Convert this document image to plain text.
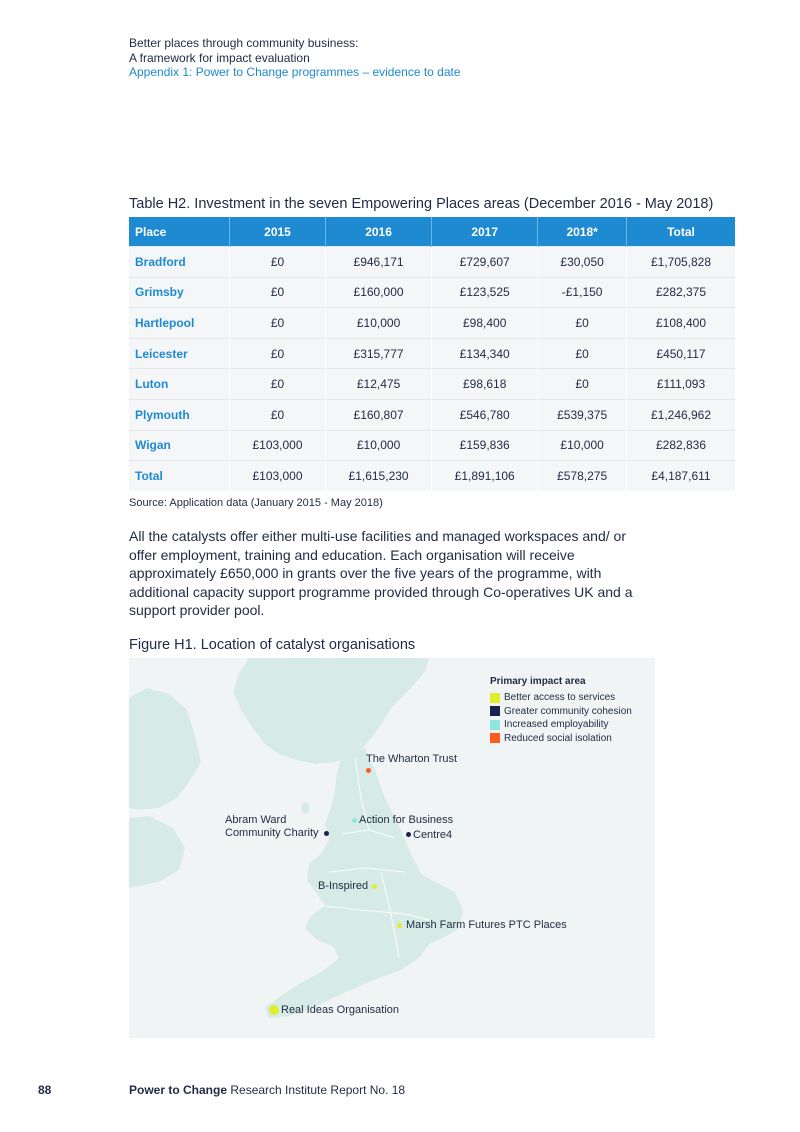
Better places through community business:
A framework for impact evaluation
Appendix 1: Power to Change programmes – evidence to date
Table H2. Investment in the seven Empowering Places areas (December 2016 - May 2018)
Place	2015	2016	2017	2018*	Total
Bradford	£0	£946,171	£729,607	£30,050	£1,705,828
Grimsby	£0	£160,000	£123,525	-£1,150	£282,375
Hartlepool	£0	£10,000	£98,400	£0	£108,400
Leicester	£0	£315,777	£134,340	£0	£450,117
Luton	£0	£12,475	£98,618	£0	£111,093
Plymouth	£0	£160,807	£546,780	£539,375	£1,246,962
Wigan	£103,000	£10,000	£159,836	£10,000	£282,836
Total	£103,000	£1,615,230	£1,891,106	£578,275	£4,187,611
Source: Application data (January 2015 - May 2018)

All the catalysts offer either multi-use facilities and managed workspaces and/ or offer employment, training and education. Each organisation will receive approximately £650,000 in grants over the five years of the programme, with additional capacity support programme provided through Co-operatives UK and a support provider pool.

Figure H1. Location of catalyst organisations
Primary impact area
Better access to services
Greater community cohesion
Increased employability
Reduced social isolation
The Wharton Trust
Abram Ward
Community Charity
Action for Business
Centre4
B-Inspired
Marsh Farm Futures PTC Places
Real Ideas Organisation
88	Power to Change Research Institute Report No. 18
